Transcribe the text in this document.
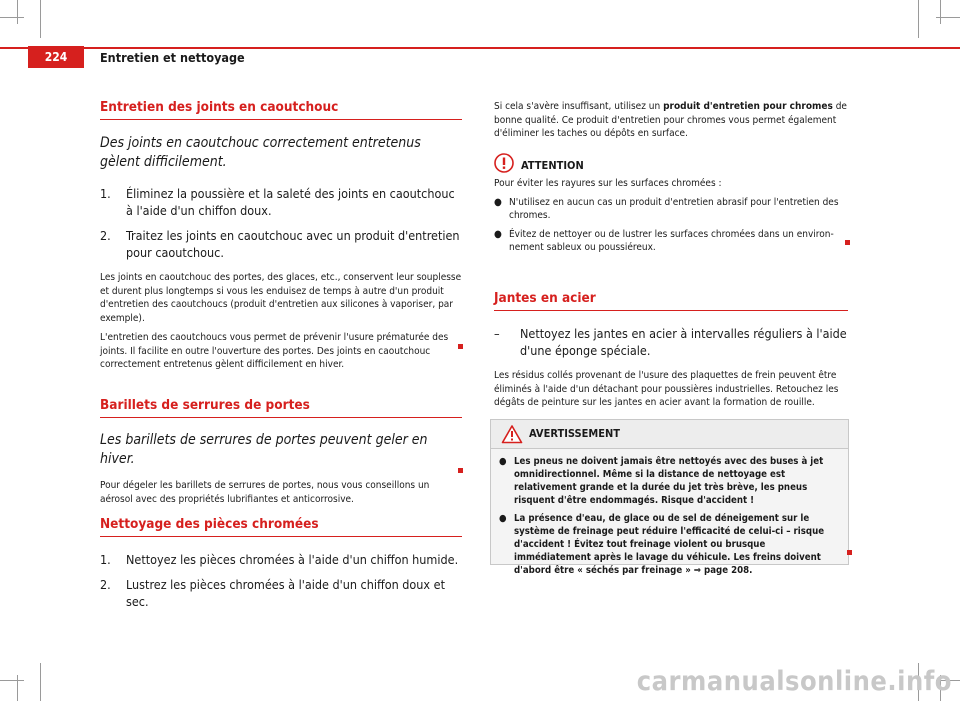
224	Entretien et nettoyage
Entretien des joints en caoutchouc

Des joints en caoutchouc correctement entretenus gèlent difficilement.

1. Éliminez la poussière et la saleté des joints en caoutchouc à l'aide d'un chiffon doux.

2. Traitez les joints en caoutchouc avec un produit d'entretien pour caoutchouc.

Les joints en caoutchouc des portes, des glaces, etc., conservent leur souplesse et durent plus longtemps si vous les enduisez de temps à autre d'un produit d'entretien des caoutchoucs (produit d'entretien aux silicones à vaporiser, par exemple).

L'entretien des caoutchoucs vous permet de prévenir l'usure prématurée des joints. Il facilite en outre l'ouverture des portes. Des joints en caoutchouc correctement entretenus gèlent difficilement en hiver.

Barillets de serrures de portes

Les barillets de serrures de portes peuvent geler en hiver.

Pour dégeler les barillets de serrures de portes, nous vous conseillons un aérosol avec des propriétés lubrifiantes et anticorrosive.

Nettoyage des pièces chromées

1. Nettoyez les pièces chromées à l'aide d'un chiffon humide.

2. Lustrez les pièces chromées à l'aide d'un chiffon doux et sec.

Si cela s'avère insuffisant, utilisez un produit d'entretien pour chromes de bonne qualité. Ce produit d'entretien pour chromes vous permet également d'éliminer les taches ou dépôts en surface.

ATTENTION

Pour éviter les rayures sur les surfaces chromées :

● N'utilisez en aucun cas un produit d'entretien abrasif pour l'entretien des chromes.

● Évitez de nettoyer ou de lustrer les surfaces chromées dans un environnement sableux ou poussiéreux.

Jantes en acier

– Nettoyez les jantes en acier à intervalles réguliers à l'aide d'une éponge spéciale.

Les résidus collés provenant de l'usure des plaquettes de frein peuvent être éliminés à l'aide d'un détachant pour poussières industrielles. Retouchez les dégâts de peinture sur les jantes en acier avant la formation de rouille.

AVERTISSEMENT

● Les pneus ne doivent jamais être nettoyés avec des buses à jet omnidirectionnel. Même si la distance de nettoyage est relativement grande et la durée du jet très brève, les pneus risquent d'être endommagés. Risque d'accident !

● La présence d'eau, de glace ou de sel de déneigement sur le système de freinage peut réduire l'efficacité de celui-ci – risque d'accident ! Évitez tout freinage violent ou brusque immédiatement après le lavage du véhicule. Les freins doivent d'abord être « séchés par freinage » ⇒ page 208.

carmanualsonline.info
